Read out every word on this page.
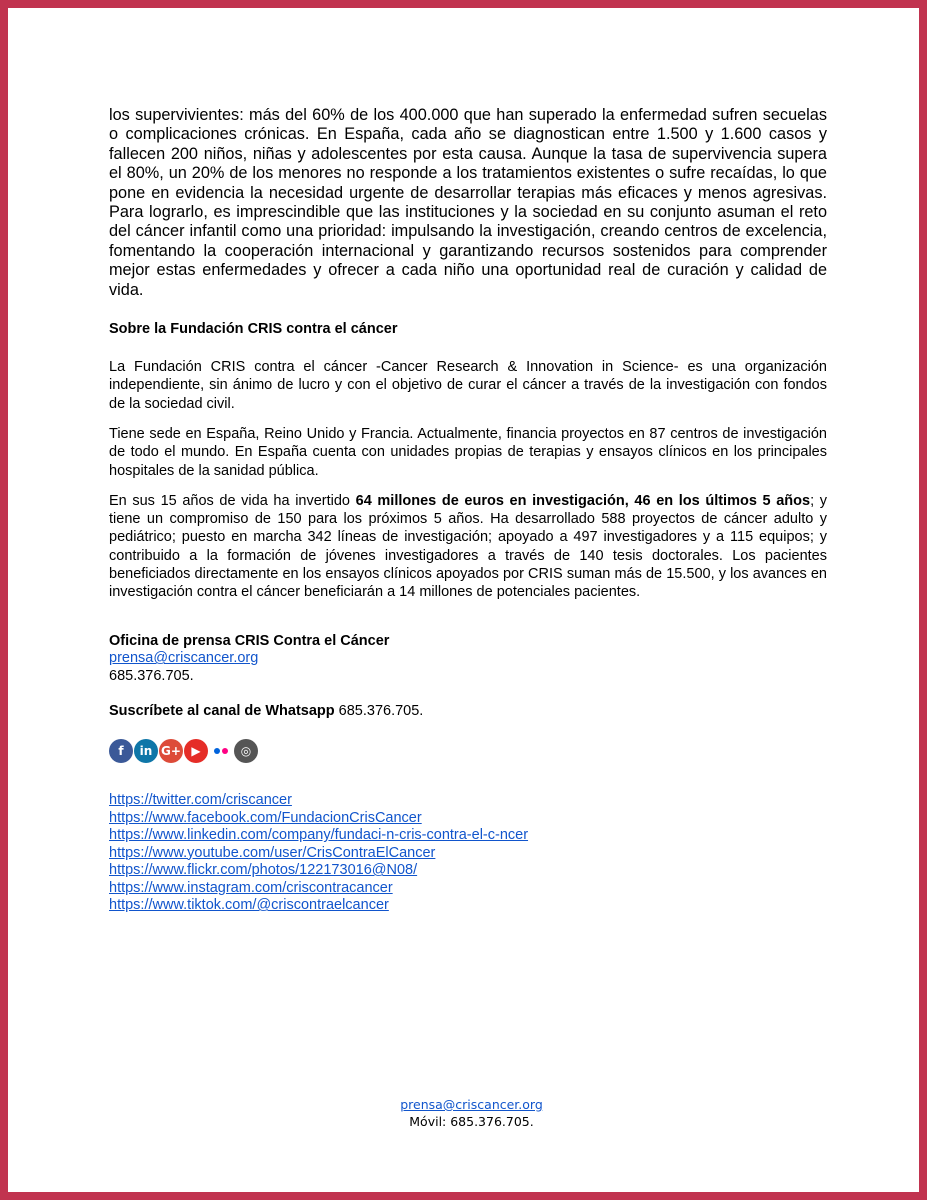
los supervivientes: más del 60% de los 400.000 que han superado la enfermedad sufren secuelas o complicaciones crónicas. En España, cada año se diagnostican entre 1.500 y 1.600 casos y fallecen 200 niños, niñas y adolescentes por esta causa. Aunque la tasa de supervivencia supera el 80%, un 20% de los menores no responde a los tratamientos existentes o sufre recaídas, lo que pone en evidencia la necesidad urgente de desarrollar terapias más eficaces y menos agresivas. Para lograrlo, es imprescindible que las instituciones y la sociedad en su conjunto asuman el reto del cáncer infantil como una prioridad: impulsando la investigación, creando centros de excelencia, fomentando la cooperación internacional y garantizando recursos sostenidos para comprender mejor estas enfermedades y ofrecer a cada niño una oportunidad real de curación y calidad de vida.

Sobre la Fundación CRIS contra el cáncer

La Fundación CRIS contra el cáncer -Cancer Research & Innovation in Science- es una organización independiente, sin ánimo de lucro y con el objetivo de curar el cáncer a través de la investigación con fondos de la sociedad civil.

Tiene sede en España, Reino Unido y Francia. Actualmente, financia proyectos en 87 centros de investigación de todo el mundo. En España cuenta con unidades propias de terapias y ensayos clínicos en los principales hospitales de la sanidad pública.

En sus 15 años de vida ha invertido 64 millones de euros en investigación, 46 en los últimos 5 años; y tiene un compromiso de 150 para los próximos 5 años. Ha desarrollado 588 proyectos de cáncer adulto y pediátrico; puesto en marcha 342 líneas de investigación; apoyado a 497 investigadores y a 115 equipos; y contribuido a la formación de jóvenes investigadores a través de 140 tesis doctorales. Los pacientes beneficiados directamente en los ensayos clínicos apoyados por CRIS suman más de 15.500, y los avances en investigación contra el cáncer beneficiarán a 14 millones de potenciales pacientes.

Oficina de prensa CRIS Contra el Cáncer
prensa@criscancer.org
685.376.705.
Suscríbete al canal de Whatsapp 685.376.705.
f	in G+ ▶	◎
https://twitter.com/criscancer
https://www.facebook.com/FundacionCrisCancer
https://www.linkedin.com/company/fundaci-n-cris-contra-el-c-ncer
https://www.youtube.com/user/CrisContraElCancer
https://www.flickr.com/photos/122173016@N08/
https://www.instagram.com/criscontracancer
https://www.tiktok.com/@criscontraelcancer
prensa@criscancer.org
Móvil: 685.376.705.
